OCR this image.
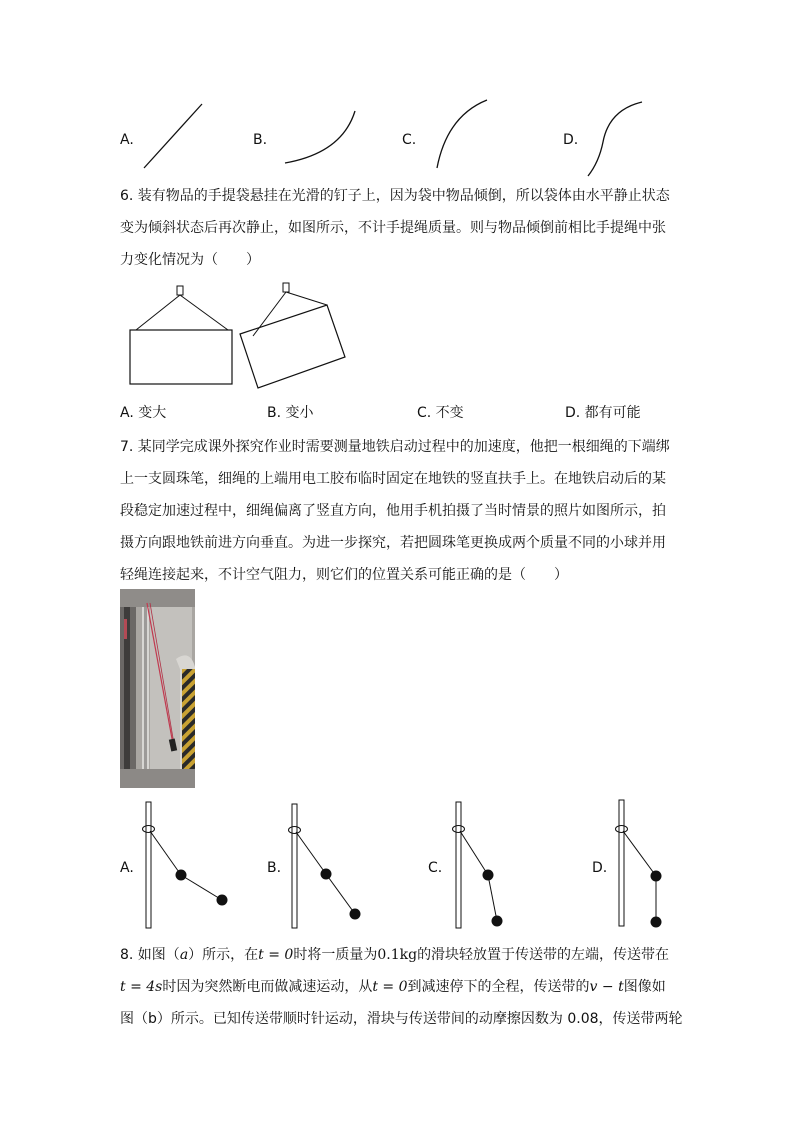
A.	B.	C.	D.
6. 装有物品的手提袋悬挂在光滑的钉子上，因为袋中物品倾倒，所以袋体由水平静止状态
变为倾斜状态后再次静止，如图所示，不计手提绳质量。则与物品倾倒前相比手提绳中张
力变化情况为（　　）
A. 变大	B. 变小	C. 不变	D. 都有可能
7. 某同学完成课外探究作业时需要测量地铁启动过程中的加速度，他把一根细绳的下端绑
上一支圆珠笔，细绳的上端用电工胶布临时固定在地铁的竖直扶手上。在地铁启动后的某
段稳定加速过程中，细绳偏离了竖直方向，他用手机拍摄了当时情景的照片如图所示，拍
摄方向跟地铁前进方向垂直。为进一步探究，若把圆珠笔更换成两个质量不同的小球并用
轻绳连接起来，不计空气阻力，则它们的位置关系可能正确的是（　　）
A.	B.	C.	D.
8. 如图（a）所示，在t = 0时将一质量为0.1kg的滑块轻放置于传送带的左端，传送带在
t = 4s时因为突然断电而做减速运动，从t = 0到减速停下的全程，传送带的v − t图像如
图（b）所示。已知传送带顺时针运动，滑块与传送带间的动摩擦因数为 0.08，传送带两轮
